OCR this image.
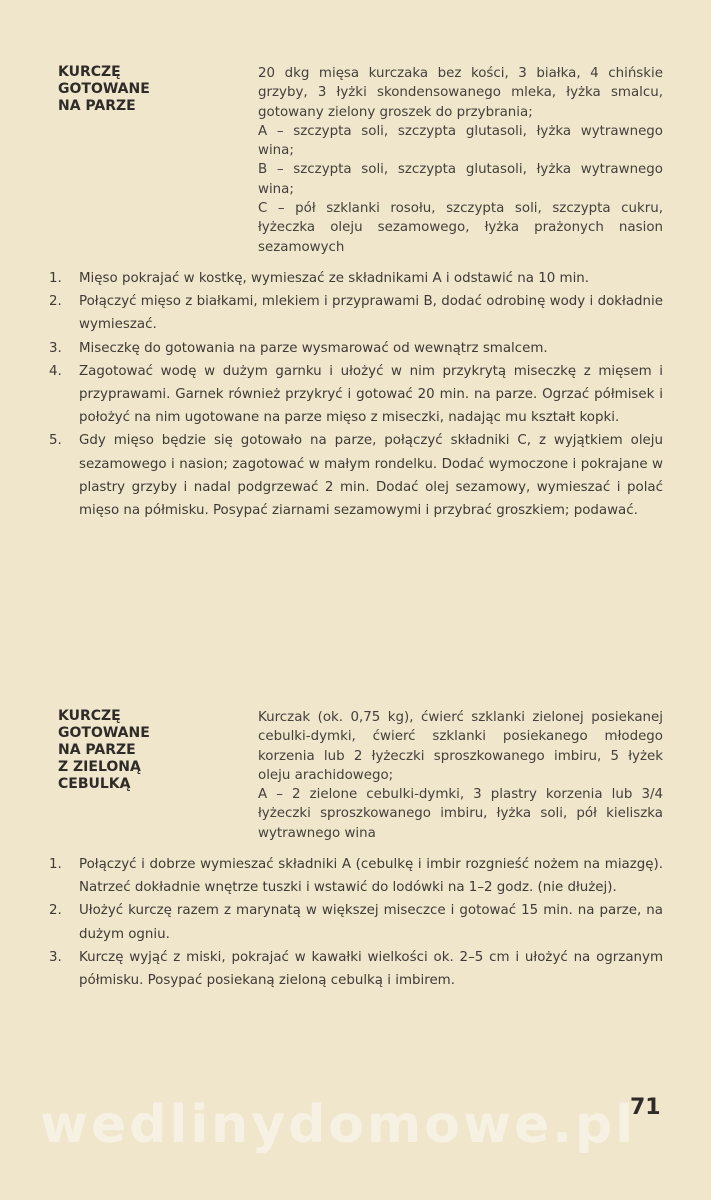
wedlinydomowe.pl
KURCZĘ
GOTOWANE
NA PARZE

20 dkg mięsa kurczaka bez kości, 3 białka, 4 chińskie grzyby, 3 łyżki skondensowanego mleka, łyżka smalcu, gotowany zielony groszek do przybrania;

A – szczypta soli, szczypta glutasoli, łyżka wytrawnego wina;

B – szczypta soli, szczypta glutasoli, łyżka wytrawnego wina;

C – pół szklanki rosołu, szczypta soli, szczypta cukru, łyżeczka oleju sezamowego, łyżka prażonych nasion sezamowych

1. Mięso pokrajać w kostkę, wymieszać ze składnikami A i odstawić na 10 min.
2. Połączyć mięso z białkami, mlekiem i przyprawami B, dodać odrobinę wody i dokładnie wymieszać.
3. Miseczkę do gotowania na parze wysmarować od wewnątrz smalcem.
4. Zagotować wodę w dużym garnku i ułożyć w nim przykrytą miseczkę z mięsem i przyprawami. Garnek również przykryć i gotować 20 min. na parze. Ogrzać półmisek i położyć na nim ugotowane na parze mięso z miseczki, nadając mu kształt kopki.
5. Gdy mięso będzie się gotowało na parze, połączyć składniki C, z wyjątkiem oleju sezamowego i nasion; zagotować w małym rondelku. Dodać wymoczone i pokrajane w plastry grzyby i nadal podgrzewać 2 min. Dodać olej sezamowy, wymieszać i polać mięso na półmisku. Posypać ziarnami sezamowymi i przybrać groszkiem; podawać.
KURCZĘ
GOTOWANE
NA PARZE
Z ZIELONĄ
CEBULKĄ

Kurczak (ok. 0,75 kg), ćwierć szklanki zielonej posiekanej cebulki-dymki, ćwierć szklanki posiekanego młodego korzenia lub 2 łyżeczki sproszkowanego imbiru, 5 łyżek oleju arachidowego;

A – 2 zielone cebulki-dymki, 3 plastry korzenia lub 3/4 łyżeczki sproszkowanego imbiru, łyżka soli, pół kieliszka wytrawnego wina

1. Połączyć i dobrze wymieszać składniki A (cebulkę i imbir rozgnieść nożem na miazgę). Natrzeć dokładnie wnętrze tuszki i wstawić do lodówki na 1–2 godz. (nie dłużej).
2. Ułożyć kurczę razem z marynatą w większej miseczce i gotować 15 min. na parze, na dużym ogniu.
3. Kurczę wyjąć z miski, pokrajać w kawałki wielkości ok. 2–5 cm i ułożyć na ogrzanym półmisku. Posypać posiekaną zieloną cebulką i imbirem.
71
